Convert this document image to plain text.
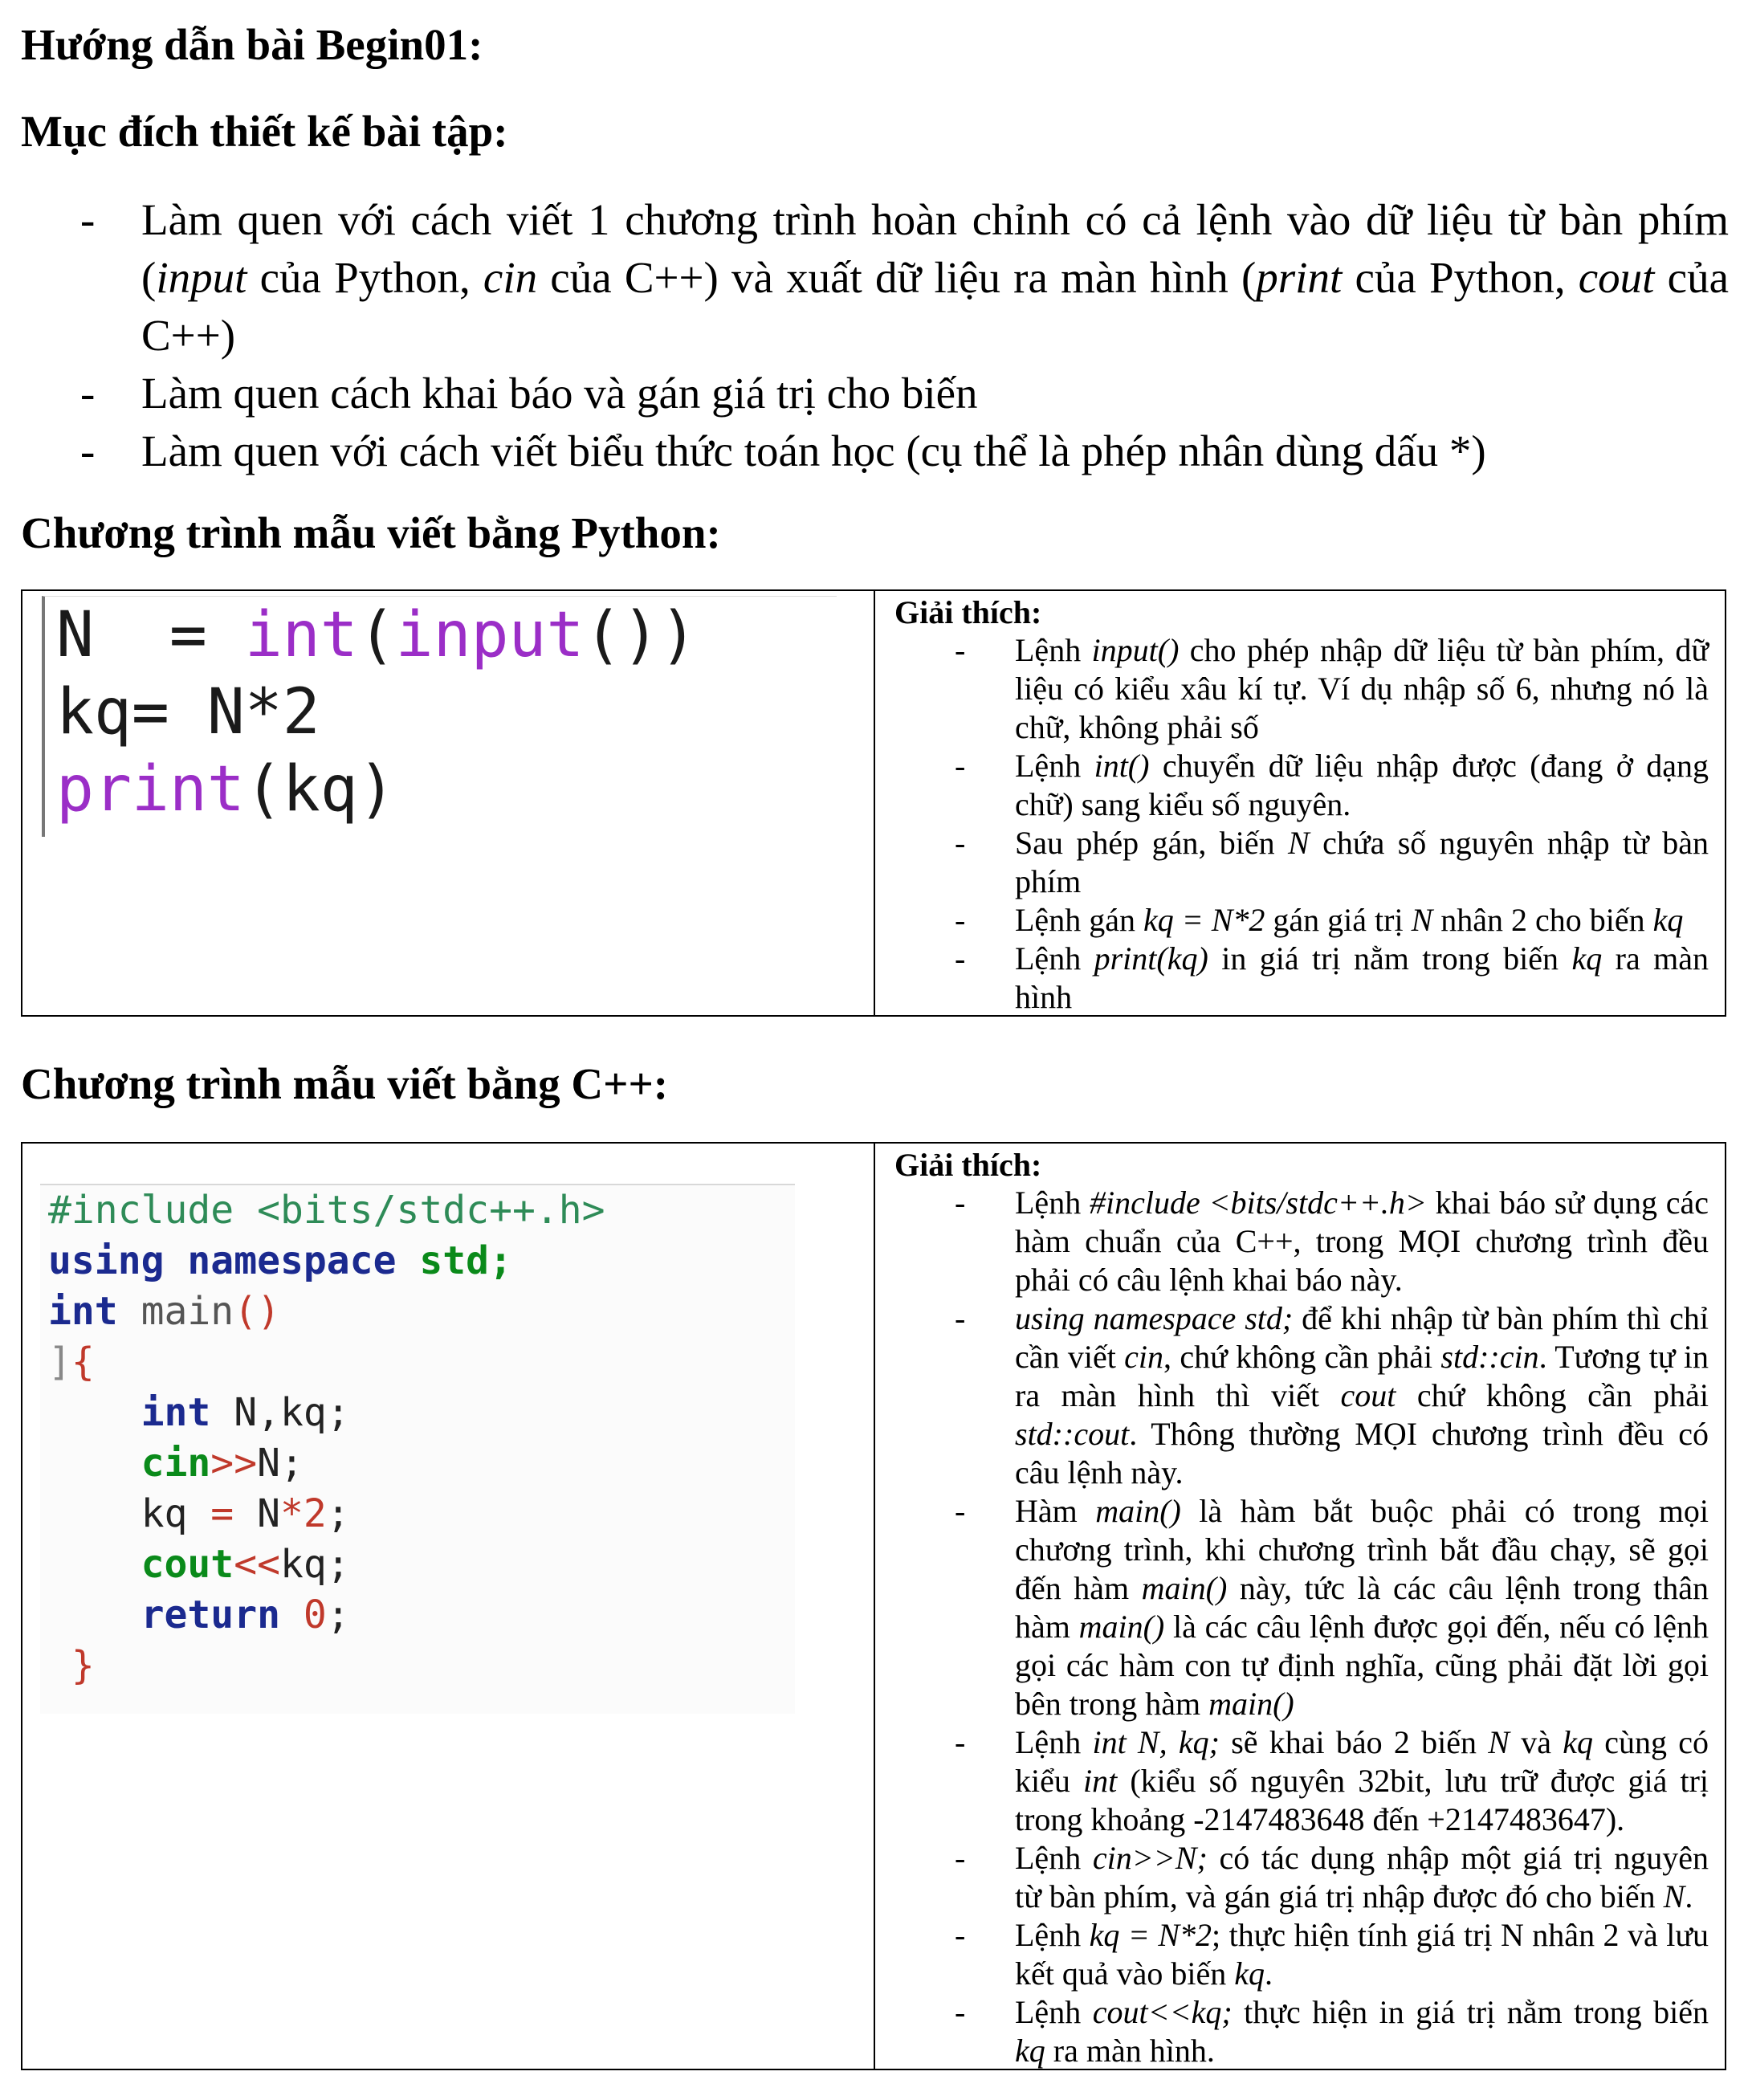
Hướng dẫn bài Begin01:
Mục đích thiết kế bài tập:
- Làm quen với cách viết 1 chương trình hoàn chỉnh có cả lệnh vào dữ liệu từ bàn phím (input của Python, cin của C++) và xuất dữ liệu ra màn hình (print của Python, cout của C++)
- Làm quen cách khai báo và gán giá trị cho biến
- Làm quen với cách viết biểu thức toán học (cụ thể là phép nhân dùng dấu *)
Chương trình mẫu viết bằng Python:
N  = int(input())
kq= N*2
print(kq)
Giải thích:
- Lệnh input() cho phép nhập dữ liệu từ bàn phím, dữ liệu có kiểu xâu kí tự. Ví dụ nhập số 6, nhưng nó là chữ, không phải số
- Lệnh int() chuyển dữ liệu nhập được (đang ở dạng chữ) sang kiểu số nguyên.
- Sau phép gán, biến N chứa số nguyên nhập từ bàn phím
- Lệnh gán kq = N*2 gán giá trị N nhân 2 cho biến kq
- Lệnh print(kq) in giá trị nằm trong biến kq ra màn hình
Chương trình mẫu viết bằng C++:
#include <bits/stdc++.h>
using namespace std;
int main()
]{
int N,kq;
cin>>N;
kq = N*2;
cout<<kq;
return 0;
}
Giải thích:
- Lệnh #include <bits/stdc++.h> khai báo sử dụng các hàm chuẩn của C++, trong MỌI chương trình đều phải có câu lệnh khai báo này.
- using namespace std; để khi nhập từ bàn phím thì chỉ cần viết cin, chứ không cần phải std::cin. Tương tự in ra màn hình thì viết cout chứ không cần phải std::cout. Thông thường MỌI chương trình đều có câu lệnh này.
- Hàm main() là hàm bắt buộc phải có trong mọi chương trình, khi chương trình bắt đầu chạy, sẽ gọi đến hàm main() này, tức là các câu lệnh trong thân hàm main() là các câu lệnh được gọi đến, nếu có lệnh gọi các hàm con tự định nghĩa, cũng phải đặt lời gọi bên trong hàm main()
- Lệnh int N, kq; sẽ khai báo 2 biến N và kq cùng có kiểu int (kiểu số nguyên 32bit, lưu trữ được giá trị trong khoảng -2147483648 đến +2147483647).
- Lệnh cin>>N; có tác dụng nhập một giá trị nguyên từ bàn phím, và gán giá trị nhập được đó cho biến N.
- Lệnh kq = N*2; thực hiện tính giá trị N nhân 2 và lưu kết quả vào biến kq.
- Lệnh cout<<kq; thực hiện in giá trị nằm trong biến kq ra màn hình.
